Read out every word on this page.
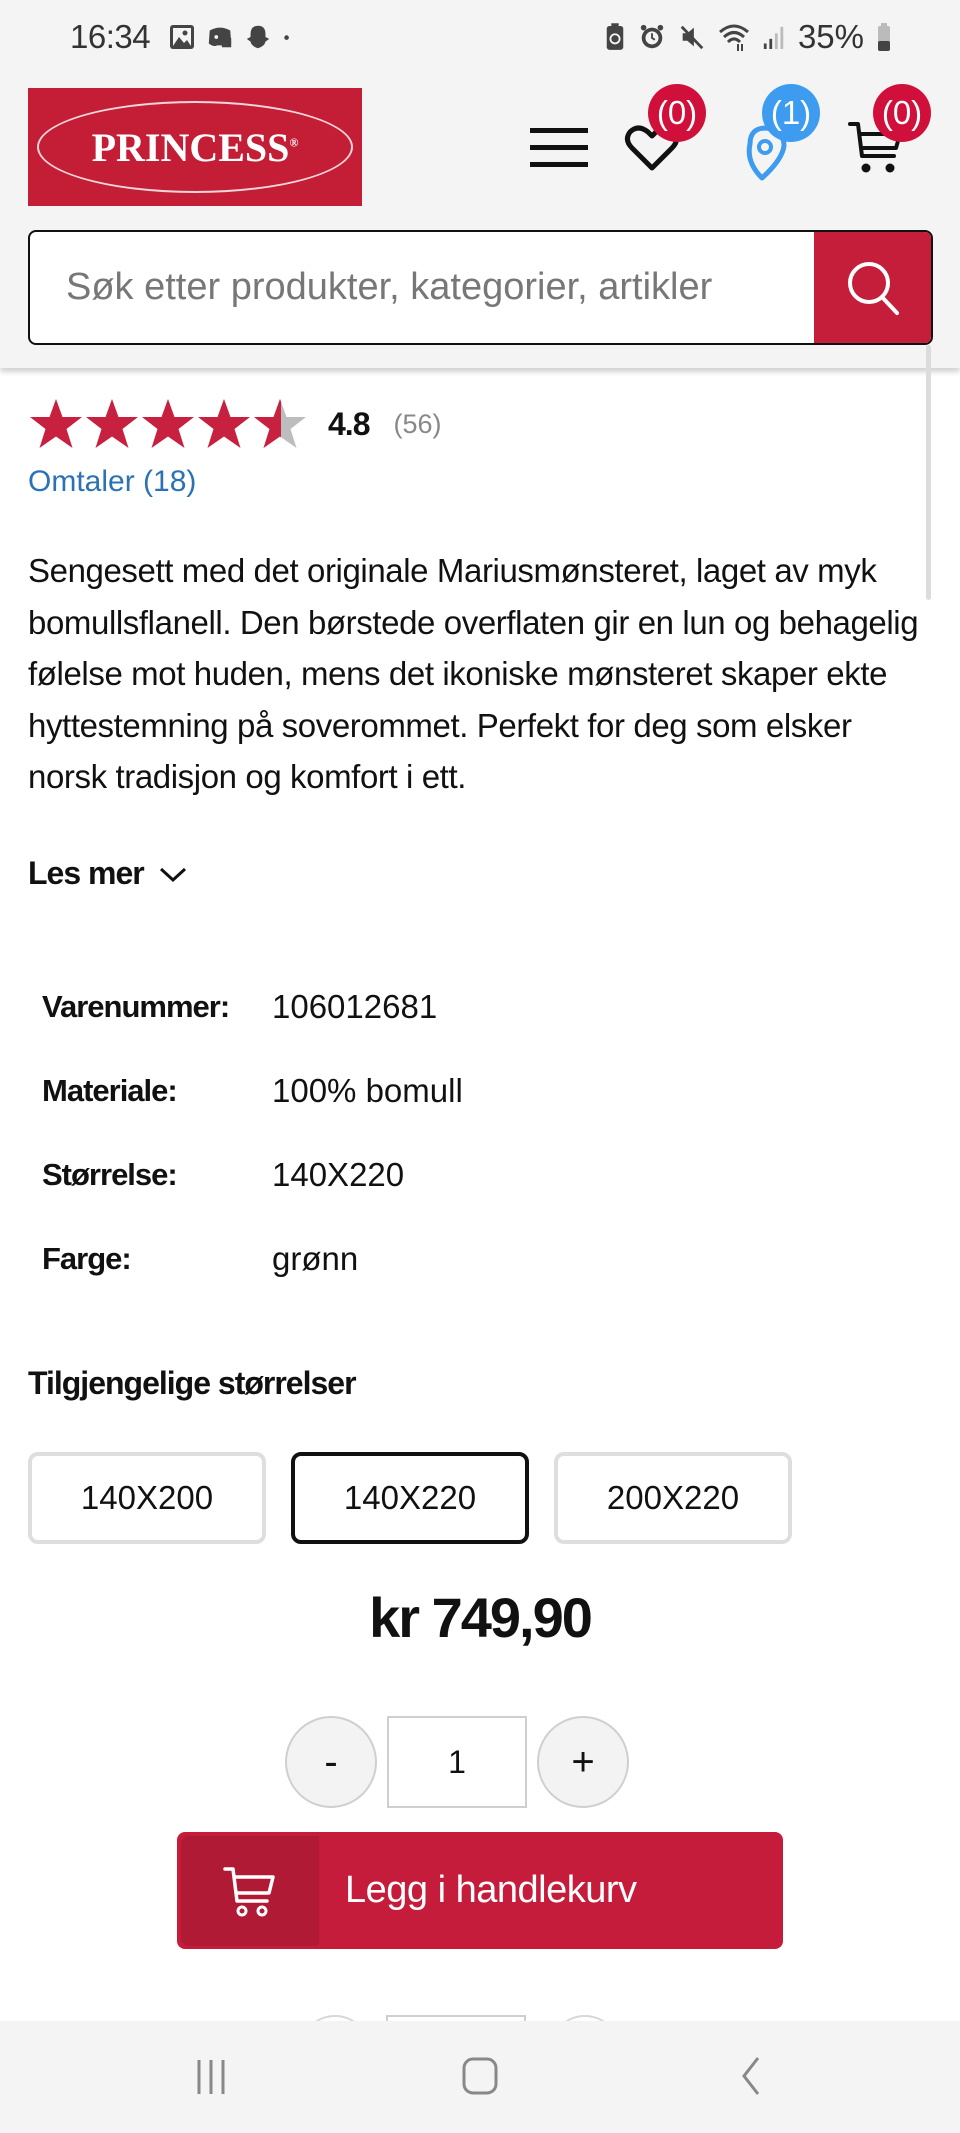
16:34	35%
PRINCESS®
(0) (1) (0)
Søk etter produkter, kategorier, artikler
4.8 (56)
Omtaler (18)

Sengesett med det originale Mariusmønsteret, laget av myk bomullsflanell. Den børstede overflaten gir en lun og behagelig følelse mot huden, mens det ikoniske mønsteret skaper ekte hyttestemning på soverommet. Perfekt for deg som elsker norsk tradisjon og komfort i ett.

Les mer
Varenummer:	106012681
Materiale:	100% bomull
Størrelse:	140X220
Farge:	grønn
Tilgjengelige størrelser
140X200	140X220	200X220
kr 749,90
-
1	+
Legg i handlekurv
